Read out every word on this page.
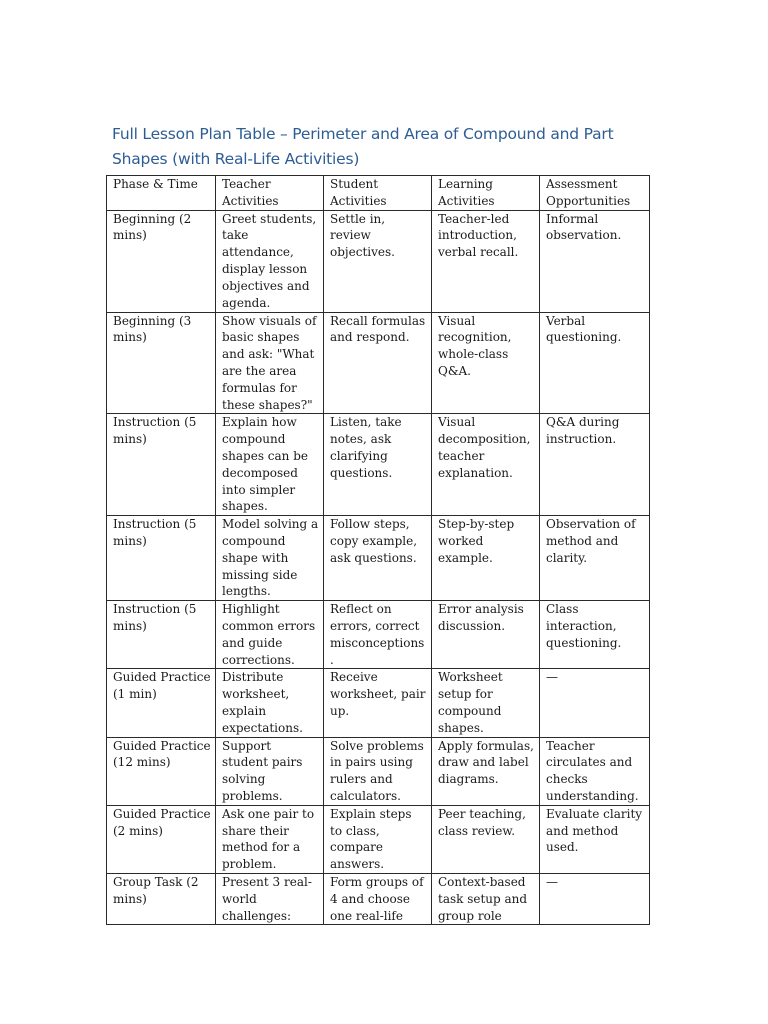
Full Lesson Plan Table – Perimeter and Area of Compound and Part Shapes (with Real-Life Activities)
Phase & Time	Teacher Activities	Student Activities	Learning Activities	Assessment Opportunities
Beginning (2 mins)	Greet students, take attendance, display lesson objectives and agenda.	Settle in, review objectives.	Teacher-led introduction, verbal recall.	Informal observation.
Beginning (3 mins)	Show visuals of basic shapes and ask: "What are the area formulas for these shapes?"	Recall formulas and respond.	Visual recognition, whole-class Q&A.	Verbal questioning.
Instruction (5 mins)	Explain how compound shapes can be decomposed into simpler shapes.	Listen, take notes, ask clarifying questions.	Visual decomposition, teacher explanation.	Q&A during instruction.
Instruction (5 mins)	Model solving a compound shape with missing side lengths.	Follow steps, copy example, ask questions.	Step-by-step worked example.	Observation of method and clarity.
Instruction (5 mins)	Highlight common errors and guide corrections.	Reflect on errors, correct misconceptions.	Error analysis discussion.	Class interaction, questioning.
Guided Practice (1 min)	Distribute worksheet, explain expectations.	Receive worksheet, pair up.	Worksheet setup for compound shapes.	—
Guided Practice (12 mins)	Support student pairs solving problems.	Solve problems in pairs using rulers and calculators.	Apply formulas, draw and label diagrams.	Teacher circulates and checks understanding.
Guided Practice (2 mins)	Ask one pair to share their method for a problem.	Explain steps to class, compare answers.	Peer teaching, class review.	Evaluate clarity and method used.
Group Task (2 mins)	Present 3 real-world challenges:	Form groups of 4 and choose one real-life	Context-based task setup and group role	—
